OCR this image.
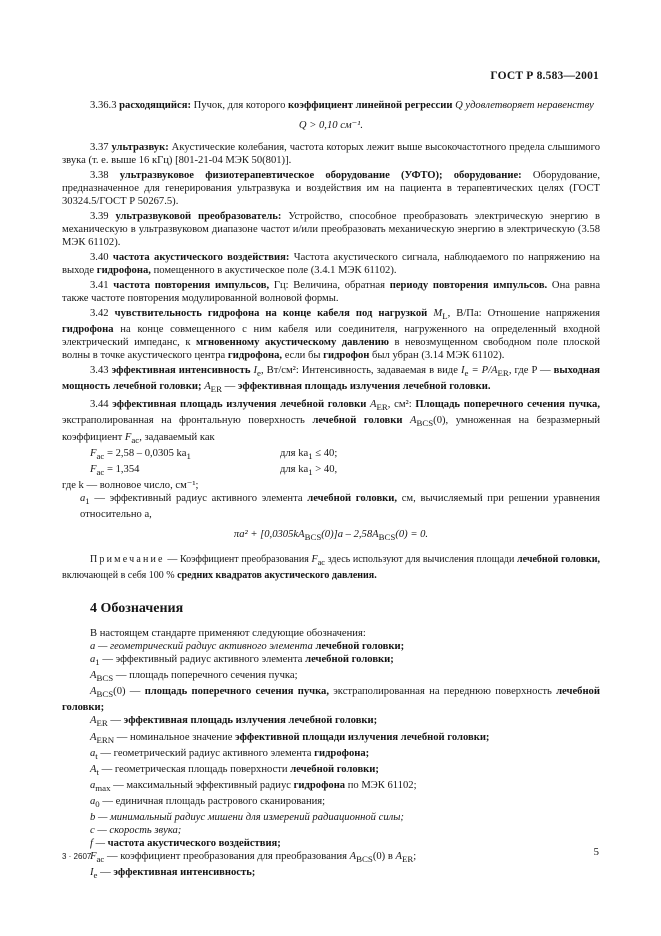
ГОСТ Р 8.583—2001

3.36.3 расходящийся: Пучок, для которого коэффициент линейной регрессии Q удовлетворяет неравенству

Q > 0,10 см⁻¹.

3.37 ультразвук: Акустические колебания, частота которых лежит выше высокочастотного предела слышимого звука (т. е. выше 16 кГц) [801-21-04 МЭК 50(801)].

3.38 ультразвуковое физиотерапевтическое оборудование (УФТО); оборудование: Оборудование, предназначенное для генерирования ультразвука и воздействия им на пациента в терапевтических целях (ГОСТ 30324.5/ГОСТ Р 50267.5).

3.39 ультразвуковой преобразователь: Устройство, способное преобразовать электрическую энергию в механическую в ультразвуковом диапазоне частот и/или преобразовать механическую энергию в электрическую (3.58 МЭК 61102).

3.40 частота акустического воздействия: Частота акустического сигнала, наблюдаемого по напряжению на выходе гидрофона, помещенного в акустическое поле (3.4.1 МЭК 61102).

3.41 частота повторения импульсов, Гц: Величина, обратная периоду повторения импульсов. Она равна также частоте повторения модулированной волновой формы.

3.42 чувствительность гидрофона на конце кабеля под нагрузкой $M_L$, В/Па: Отношение напряжения гидрофона на конце совмещенного с ним кабеля или соединителя, нагруженного на определенный входной электрический импеданс, к мгновенному акустическому давлению в невозмущенном свободном поле плоской волны в точке акустического центра гидрофона, если бы гидрофон был убран (3.14 МЭК 61102).

3.43 эффективная интенсивность $I_e$, Вт/см²: Интенсивность, задаваемая в виде $I_e = P/A_{ER}$, где P — выходная мощность лечебной головки; $A_{ER}$ — эффективная площадь излучения лечебной головки.

3.44 эффективная площадь излучения лечебной головки $A_{ER}$, см²: Площадь поперечного сечения пучка, экстраполированная на фронтальную поверхность лечебной головки $A_{BCS}(0)$, умноженная на безразмерный коэффициент $F_{ac}$, задаваемый как

$F_{ac} = 2,58 - 0,0305$ $ka_1$	для $ka_1 \le 40$;
$F_{ac} = 1,354$	для $ka_1 > 40$,

где k — волновое число, см⁻¹;

$a_1$ — эффективный радиус активного элемента лечебной головки, см, вычисляемый при решении уравнения относительно a,

$\pi a^2 + [0,0305kA_{BCS}(0)]a - 2,58A_{BCS}(0) = 0$.

Примечание — Коэффициент преобразования $F_{ac}$ здесь используют для вычисления площади лечебной головки, включающей в себя 100 % средних квадратов акустического давления.

4 Обозначения

В настоящем стандарте применяют следующие обозначения:

a — геометрический радиус активного элемента лечебной головки;

$a_1$ — эффективный радиус активного элемента лечебной головки;

$A_{BCS}$ — площадь поперечного сечения пучка;

$A_{BCS}(0)$ — площадь поперечного сечения пучка, экстраполированная на переднюю поверхность лечебной головки;

$A_{ER}$ — эффективная площадь излучения лечебной головки;

$A_{ERN}$ — номинальное значение эффективной площади излучения лечебной головки;

$a_t$ — геометрический радиус активного элемента гидрофона;

$A_t$ — геометрическая площадь поверхности лечебной головки;

$a_{max}$ — максимальный эффективный радиус гидрофона по МЭК 61102;

$a_0$ — единичная площадь растрового сканирования;

b — минимальный радиус мишени для измерений радиационной силы;

c — скорость звука;

f — частота акустического воздействия;

$F_{ac}$ — коэффициент преобразования для преобразования $A_{BCS}(0)$ в $A_{ER}$;

$I_e$ — эффективная интенсивность;

3 · 2607	5
